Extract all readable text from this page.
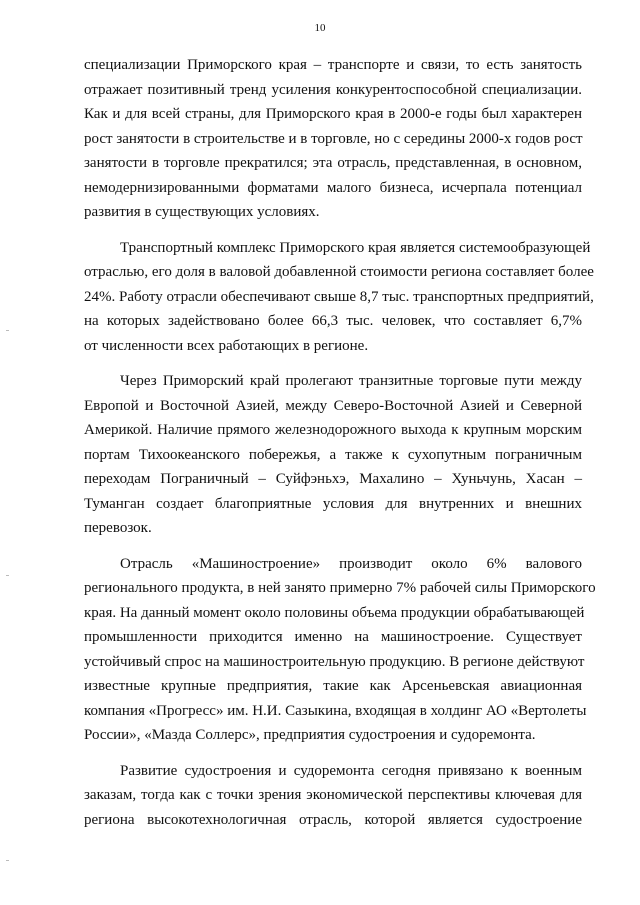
10
специализации Приморского края – транспорте и связи, то есть занятость
отражает позитивный тренд усиления конкурентоспособной специализации.
Как и для всей страны, для Приморского края в 2000-е годы был характерен
рост занятости в строительстве и в торговле, но с середины 2000-х годов рост
занятости в торговле прекратился; эта отрасль, представленная, в основном,
немодернизированными форматами малого бизнеса, исчерпала потенциал
развития в существующих условиях.
Транспортный комплекс Приморского края является системообразующей
отраслью, его доля в валовой добавленной стоимости региона составляет более
24%. Работу отрасли обеспечивают свыше 8,7 тыс. транспортных предприятий,
на которых задействовано более 66,3 тыс. человек, что составляет 6,7%
от численности всех работающих в регионе.
Через Приморский край пролегают транзитные торговые пути между
Европой и Восточной Азией, между Северо-Восточной Азией и Северной
Америкой. Наличие прямого железнодорожного выхода к крупным морским
портам Тихоокеанского побережья, а также к сухопутным пограничным
переходам Пограничный – Суйфэньхэ, Махалино – Хуньчунь, Хасан –
Туманган создает благоприятные условия для внутренних и внешних
перевозок.
Отрасль «Машиностроение» производит около 6% валового
регионального продукта, в ней занято примерно 7% рабочей силы Приморского
края. На данный момент около половины объема продукции обрабатывающей
промышленности приходится именно на машиностроение. Существует
устойчивый спрос на машиностроительную продукцию. В регионе действуют
известные крупные предприятия, такие как Арсеньевская авиационная
компания «Прогресс» им. Н.И. Сазыкина, входящая в холдинг АО «Вертолеты
России», «Мазда Соллерс», предприятия судостроения и судоремонта.
Развитие судостроения и судоремонта сегодня привязано к военным
заказам, тогда как с точки зрения экономической перспективы ключевая для
региона высокотехнологичная отрасль, которой является судостроение
